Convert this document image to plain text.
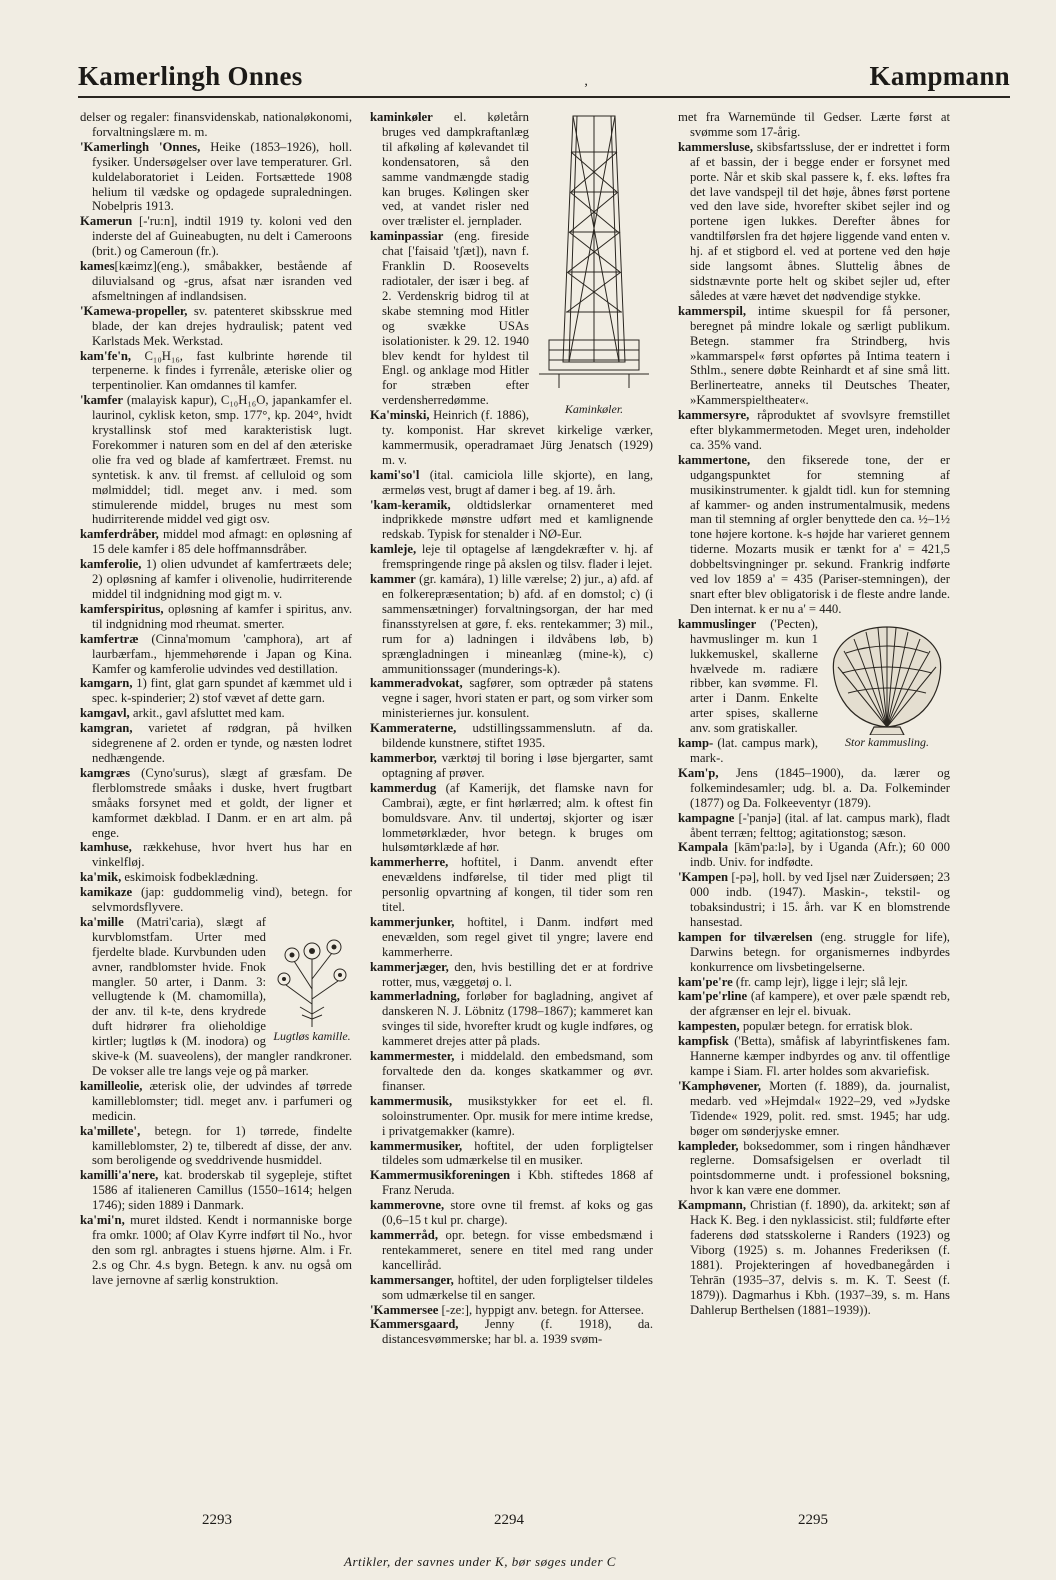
Kamerlingh Onnes	,	Kampmann

delser og regaler: finansvidenskab, nationaløkonomi, forvaltningslære m. m.

'Kamerlingh 'Onnes, Heike (1853–1926), holl. fysiker. Undersøgelser over lave temperaturer. Grl. kuldelaboratoriet i Leiden. Fortsættede 1908 helium til vædske og opdagede supraledningen. Nobelpris 1913.

Kamerun [-'ru:n], indtil 1919 ty. koloni ved den inderste del af Guineabugten, nu delt i Cameroons (brit.) og Cameroun (fr.).

kames[kæimz](eng.), småbakker, bestående af diluvialsand og -grus, afsat nær isranden ved afsmeltningen af indlandsisen.

'Kamewa-propeller, sv. patenteret skibsskrue med blade, der kan drejes hydraulisk; patent ved Karlstads Mek. Werkstad.

kam'fe'n, C₁₀H₁₆, fast kulbrinte hørende til terpenerne. k findes i fyrrenåle, æteriske olier og terpentinolier. Kan omdannes til kamfer.

'kamfer (malayisk kapur), C₁₀H₁₆O, japankamfer el. laurinol, cyklisk keton, smp. 177°, kp. 204°, hvidt krystallinsk stof med karakteristisk lugt. Forekommer i naturen som en del af den æteriske olie fra ved og blade af kamfertræet. Fremst. nu syntetisk. k anv. til fremst. af celluloid og som mølmiddel; tidl. meget anv. i med. som stimulerende middel, bruges nu mest som hudirriterende middel ved gigt osv.

kamferdråber, middel mod afmagt: en opløsning af 15 dele kamfer i 85 dele hoffmannsdråber.

kamferolie, 1) olien udvundet af kamfertræets dele; 2) opløsning af kamfer i olivenolie, hudirriterende middel til indgnidning mod gigt m. v.

kamferspiritus, opløsning af kamfer i spiritus, anv. til indgnidning mod rheumat. smerter.

kamfertræ (Cinna'momum 'camphora), art af laurbærfam., hjemmehørende i Japan og Kina. Kamfer og kamferolie udvindes ved destillation.

kamgarn, 1) fint, glat garn spundet af kæmmet uld i spec. k-spinderier; 2) stof vævet af dette garn.

kamgavl, arkit., gavl afsluttet med kam.

kamgran, varietet af rødgran, på hvilken sidegrenene af 2. orden er tynde, og næsten lodret nedhængende.

kamgræs (Cyno'surus), slægt af græsfam. De flerblomstrede småaks i duske, hvert frugtbart småaks forsynet med et goldt, der ligner et kamformet dækblad. I Danm. er en art alm. på enge.

kamhuse, rækkehuse, hvor hvert hus har en vinkelfløj.

ka'mik, eskimoisk fodbeklædning.

kamikaze (jap: guddommelig vind), betegn. for selvmordsflyvere.

Lugtløs kamille.

ka'mille (Matri'caria), slægt af kurvblomstfam. Urter med fjerdelte blade. Kurvbunden uden avner, randblomster hvide. Fnok mangler. 50 arter, i Danm. 3: vellugtende k (M. chamomilla), der anv. til k-te, dens krydrede duft hidrører fra olieholdige kirtler; lugtløs k (M. inodora) og skive-k (M. suaveolens), der mangler randkroner. De vokser alle tre langs veje og på marker.

kamilleolie, æterisk olie, der udvindes af tørrede kamilleblomster; tidl. meget anv. i parfumeri og medicin.

ka'millete', betegn. for 1) tørrede, findelte kamilleblomster, 2) te, tilberedt af disse, der anv. som beroligende og sveddrivende husmiddel.

kamilli'a'nere, kat. broderskab til sygepleje, stiftet 1586 af italieneren Camillus (1550–1614; helgen 1746); siden 1889 i Danmark.

ka'mi'n, muret ildsted. Kendt i normanniske borge fra omkr. 1000; af Olav Kyrre indført til No., hvor den som rgl. anbragtes i stuens hjørne. Alm. i Fr. 2.s og Chr. 4.s bygn. Betegn. k anv. nu også om lave jernovne af særlig konstruktion.

Kaminkøler.

kaminkøler el. køletårn bruges ved dampkraftanlæg til afkøling af kølevandet til kondensatoren, så den samme vandmængde stadig kan bruges. Kølingen sker ved, at vandet risler ned over trælister el. jernplader.

kaminpassiar (eng. fireside chat ['faisaid 'tʃæt]), navn f. Franklin D. Roosevelts radiotaler, der især i beg. af 2. Verdenskrig bidrog til at skabe stemning mod Hitler og svække USAs isolationister. k 29. 12. 1940 blev kendt for hyldest til Engl. og anklage mod Hitler for stræben efter verdensherredømme.

Ka'minski, Heinrich (f. 1886), ty. komponist. Har skrevet kirkelige værker, kammermusik, operadramaet Jürg Jenatsch (1929) m. v.

kami'so'l (ital. camiciola lille skjorte), en lang, ærmeløs vest, brugt af damer i beg. af 19. årh.

'kam-keramik, oldtidslerkar ornamenteret med indprikkede mønstre udført med et kamlignende redskab. Typisk for stenalder i NØ-Eur.

kamleje, leje til optagelse af længdekræfter v. hj. af fremspringende ringe på akslen og tilsv. flader i lejet.

kammer (gr. kamára), 1) lille værelse; 2) jur., a) afd. af en folkerepræsentation; b) afd. af en domstol; c) (i sammensætninger) forvaltningsorgan, der har med finansstyrelsen at gøre, f. eks. rentekammer; 3) mil., rum for a) ladningen i ildvåbens løb, b) sprængladningen i mineanlæg (mine-k), c) ammunitionssager (munderings-k).

kammeradvokat, sagfører, som optræder på statens vegne i sager, hvori staten er part, og som virker som ministeriernes jur. konsulent.

Kammeraterne, udstillingssammenslutn. af da. bildende kunstnere, stiftet 1935.

kammerbor, værktøj til boring i løse bjergarter, samt optagning af prøver.

kammerdug (af Kamerijk, det flamske navn for Cambrai), ægte, er fint hørlærred; alm. k oftest fin bomuldsvare. Anv. til undertøj, skjorter og især lommetørklæder, hvor betegn. k bruges om hulsømtørklæde af hør.

kammerherre, hoftitel, i Danm. anvendt efter enevældens indførelse, til tider med pligt til personlig opvartning af kongen, til tider som ren titel.

kammerjunker, hoftitel, i Danm. indført med enevælden, som regel givet til yngre; lavere end kammerherre.

kammerjæger, den, hvis bestilling det er at fordrive rotter, mus, væggetøj o. l.

kammerladning, forløber for bagladning, angivet af danskeren N. J. Löbnitz (1798–1867); kammeret kan svinges til side, hvorefter krudt og kugle indføres, og kammeret drejes atter på plads.

kammermester, i middelald. den embedsmand, som forvaltede den da. konges skatkammer og øvr. finanser.

kammermusik, musikstykker for eet el. fl. soloinstrumenter. Opr. musik for mere intime kredse, i privatgemakker (kamre).

kammermusiker, hoftitel, der uden forpligtelser tildeles som udmærkelse til en musiker.

Kammermusikforeningen i Kbh. stiftedes 1868 af Franz Neruda.

kammerovne, store ovne til fremst. af koks og gas (0,6–15 t kul pr. charge).

kammerråd, opr. betegn. for visse embedsmænd i rentekammeret, senere en titel med rang under kancelliråd.

kammersanger, hoftitel, der uden forpligtelser tildeles som udmærkelse til en sanger.

'Kammersee [-ze:], hyppigt anv. betegn. for Attersee.

Kammersgaard, Jenny (f. 1918), da. distancesvømmerske; har bl. a. 1939 svøm-

met fra Warnemünde til Gedser. Lærte først at svømme som 17-årig.

kammersluse, skibsfartssluse, der er indrettet i form af et bassin, der i begge ender er forsynet med porte. Når et skib skal passere k, f. eks. løftes fra det lave vandspejl til det høje, åbnes først portene ved den lave side, hvorefter skibet sejler ind og portene igen lukkes. Derefter åbnes for vandtilførslen fra det højere liggende vand enten v. hj. af et stigbord el. ved at portene ved den høje side langsomt åbnes. Sluttelig åbnes de sidstnævnte porte helt og skibet sejler ud, efter således at være hævet det nødvendige stykke.

kammerspil, intime skuespil for få personer, beregnet på mindre lokale og særligt publikum. Betegn. stammer fra Strindberg, hvis »kammarspel« først opførtes på Intima teatern i Sthlm., senere døbte Reinhardt et af sine små litt. Berlinerteatre, anneks til Deutsches Theater, »Kammerspieltheater«.

kammersyre, råproduktet af svovlsyre fremstillet efter blykammermetoden. Meget uren, indeholder ca. 35% vand.

kammertone, den fikserede tone, der er udgangspunktet for stemning af musikinstrumenter. k gjaldt tidl. kun for stemning af kammer- og anden instrumentalmusik, medens man til stemning af orgler benyttede den ca. ½–1½ tone højere kortone. k-s højde har varieret gennem tiderne. Mozarts musik er tænkt for a' = 421,5 dobbeltsvingninger pr. sekund. Frankrig indførte ved lov 1859 a' = 435 (Pariser-stemningen), der snart efter blev obligatorisk i de fleste andre lande. Den internat. k er nu a' = 440.

Stor kammusling.

kammuslinger ('Pecten), havmuslinger m. kun 1 lukkemuskel, skallerne hvælvede m. radiære ribber, kan svømme. Fl. arter i Danm. Enkelte arter spises, skallerne anv. som gratiskaller.

kamp- (lat. campus mark), mark-.

Kam'p, Jens (1845–1900), da. lærer og folkemindesamler; udg. bl. a. Da. Folkeminder (1877) og Da. Folkeeventyr (1879).

kampagne [-'panjə] (ital. af lat. campus mark), fladt åbent terræn; felttog; agitationstog; sæson.

Kampala [kām'pa:lə], by i Uganda (Afr.); 60 000 indb. Univ. for indfødte.

'Kampen [-pə], holl. by ved Ijsel nær Zuidersøen; 23 000 indb. (1947). Maskin-, tekstil- og tobaksindustri; i 15. årh. var K en blomstrende hansestad.

kampen for tilværelsen (eng. struggle for life), Darwins betegn. for organismernes indbyrdes konkurrence om livsbetingelserne.

kam'pe're (fr. camp lejr), ligge i lejr; slå lejr.

kam'pe'rline (af kampere), et over pæle spændt reb, der afgrænser en lejr el. bivuak.

kampesten, populær betegn. for erratisk blok.

kampfisk ('Betta), småfisk af labyrintfiskenes fam. Hannerne kæmper indbyrdes og anv. til offentlige kampe i Siam. Fl. arter holdes som akvariefisk.

'Kamphøvener, Morten (f. 1889), da. journalist, medarb. ved »Hejmdal« 1922–29, ved »Jydske Tidende« 1929, polit. red. smst. 1945; har udg. bøger om sønderjyske emner.

kampleder, boksedommer, som i ringen håndhæver reglerne. Domsafsigelsen er overladt til pointsdommerne undt. i professionel boksning, hvor k kan være ene dommer.

Kampmann, Christian (f. 1890), da. arkitekt; søn af Hack K. Beg. i den nyklassicist. stil; fuldførte efter faderens død statsskolerne i Randers (1923) og Viborg (1925) s. m. Johannes Frederiksen (f. 1881). Projekteringen af hovedbanegården i Tehrān (1935–37, delvis s. m. K. T. Seest (f. 1879)). Dagmarhus i Kbh. (1937–39, s. m. Hans Dahlerup Berthelsen (1881–1939)).

2293	2294	2295
Artikler, der savnes under K, bør søges under C
